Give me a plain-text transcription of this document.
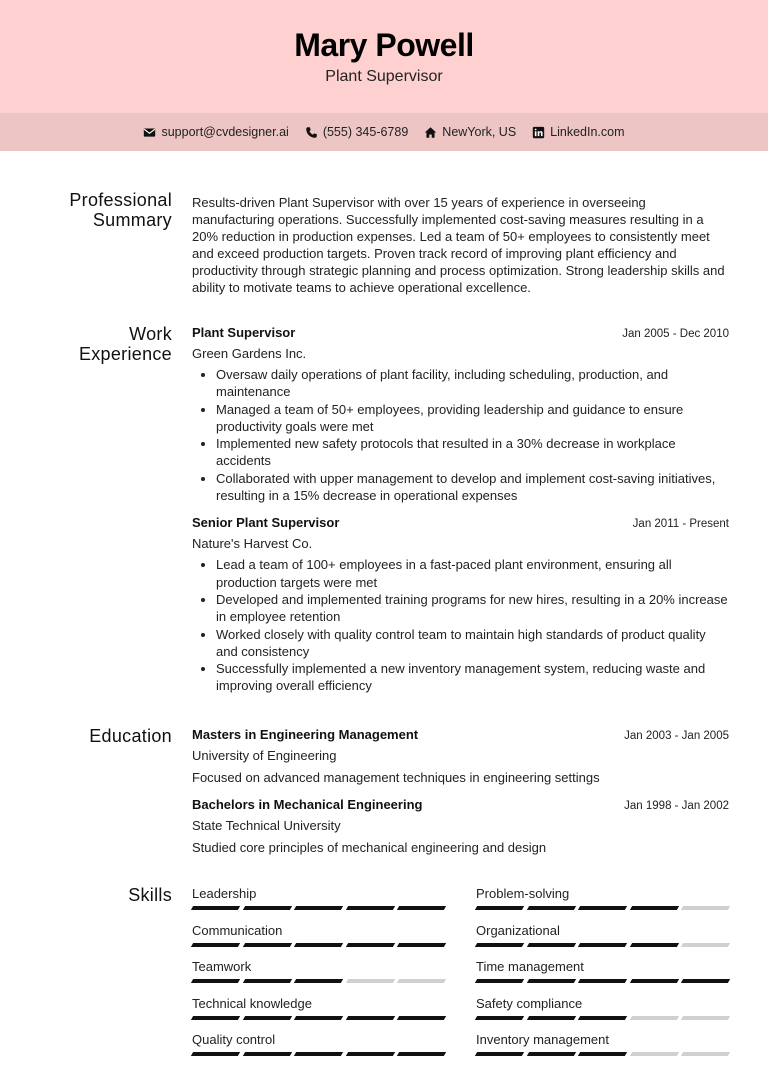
Mary Powell
Plant Supervisor
support@cvdesigner.ai	(555) 345-6789	NewYork, US	LinkedIn.com
Professional
Summary
Results-driven Plant Supervisor with over 15 years of experience in overseeing manufacturing operations. Successfully implemented cost-saving measures resulting in a 20% reduction in production expenses. Led a team of 50+ employees to consistently meet and exceed production targets. Proven track record of improving plant efficiency and productivity through strategic planning and process optimization. Strong leadership skills and ability to motivate teams to achieve operational excellence.
Work
Experience
Plant Supervisor	Jan 2005 - Dec 2010
Green Gardens Inc.
• Oversaw daily operations of plant facility, including scheduling, production, and maintenance
• Managed a team of 50+ employees, providing leadership and guidance to ensure productivity goals were met
• Implemented new safety protocols that resulted in a 30% decrease in workplace accidents
• Collaborated with upper management to develop and implement cost-saving initiatives, resulting in a 15% decrease in operational expenses
Senior Plant Supervisor	Jan 2011 - Present
Nature's Harvest Co.
• Lead a team of 100+ employees in a fast-paced plant environment, ensuring all production targets were met
• Developed and implemented training programs for new hires, resulting in a 20% increase in employee retention
• Worked closely with quality control team to maintain high standards of product quality and consistency
• Successfully implemented a new inventory management system, reducing waste and improving overall efficiency
Education Masters in Engineering Management	Jan 2003 - Jan 2005
University of Engineering
Focused on advanced management techniques in engineering settings
Bachelors in Mechanical Engineering	Jan 1998 - Jan 2002
State Technical University
Studied core principles of mechanical engineering and design
Skills Leadership	Problem-solving
Communication	Organizational
Teamwork	Time management
Technical knowledge	Safety compliance
Quality control	Inventory management
